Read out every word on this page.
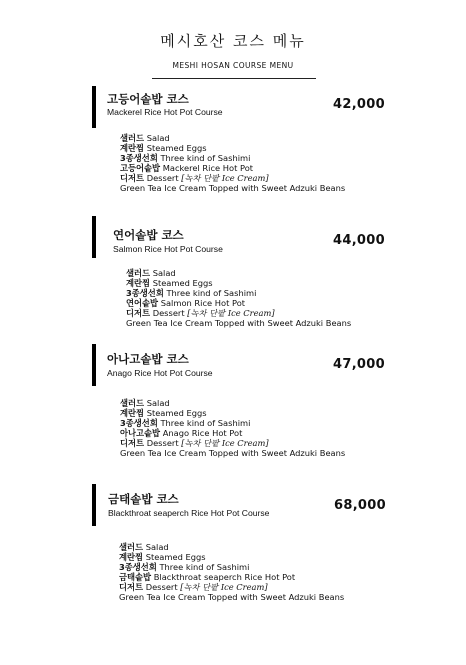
메시호산 코스 메뉴
MESHI HOSAN COURSE MENU
고등어솥밥 코스
Mackerel Rice Hot Pot Course	42,000
샐러드 Salad
계란찜 Steamed Eggs
3종생선회 Three kind of Sashimi
고등어솥밥 Mackerel Rice Hot Pot
디저트 Dessert [녹차 단팥 Ice Cream]
Green Tea Ice Cream Topped with Sweet Adzuki Beans
연어솥밥 코스
Salmon Rice Hot Pot Course
44,000
샐러드 Salad
계란찜 Steamed Eggs
3종생선회 Three kind of Sashimi
연어솥밥 Salmon Rice Hot Pot
디저트 Dessert [녹차 단팥 Ice Cream]
Green Tea Ice Cream Topped with Sweet Adzuki Beans
아나고솥밥 코스
Anago Rice Hot Pot Course
47,000
샐러드 Salad
계란찜 Steamed Eggs
3종생선회 Three kind of Sashimi
아나고솥밥 Anago Rice Hot Pot
디저트 Dessert [녹차 단팥 Ice Cream]
Green Tea Ice Cream Topped with Sweet Adzuki Beans
금태솥밥 코스
Blackthroat seaperch Rice Hot Pot Course	68,000
샐러드 Salad
계란찜 Steamed Eggs
3종생선회 Three kind of Sashimi
금태솥밥 Blackthroat seaperch Rice Hot Pot
디저트 Dessert [녹차 단팥 Ice Cream]
Green Tea Ice Cream Topped with Sweet Adzuki Beans
